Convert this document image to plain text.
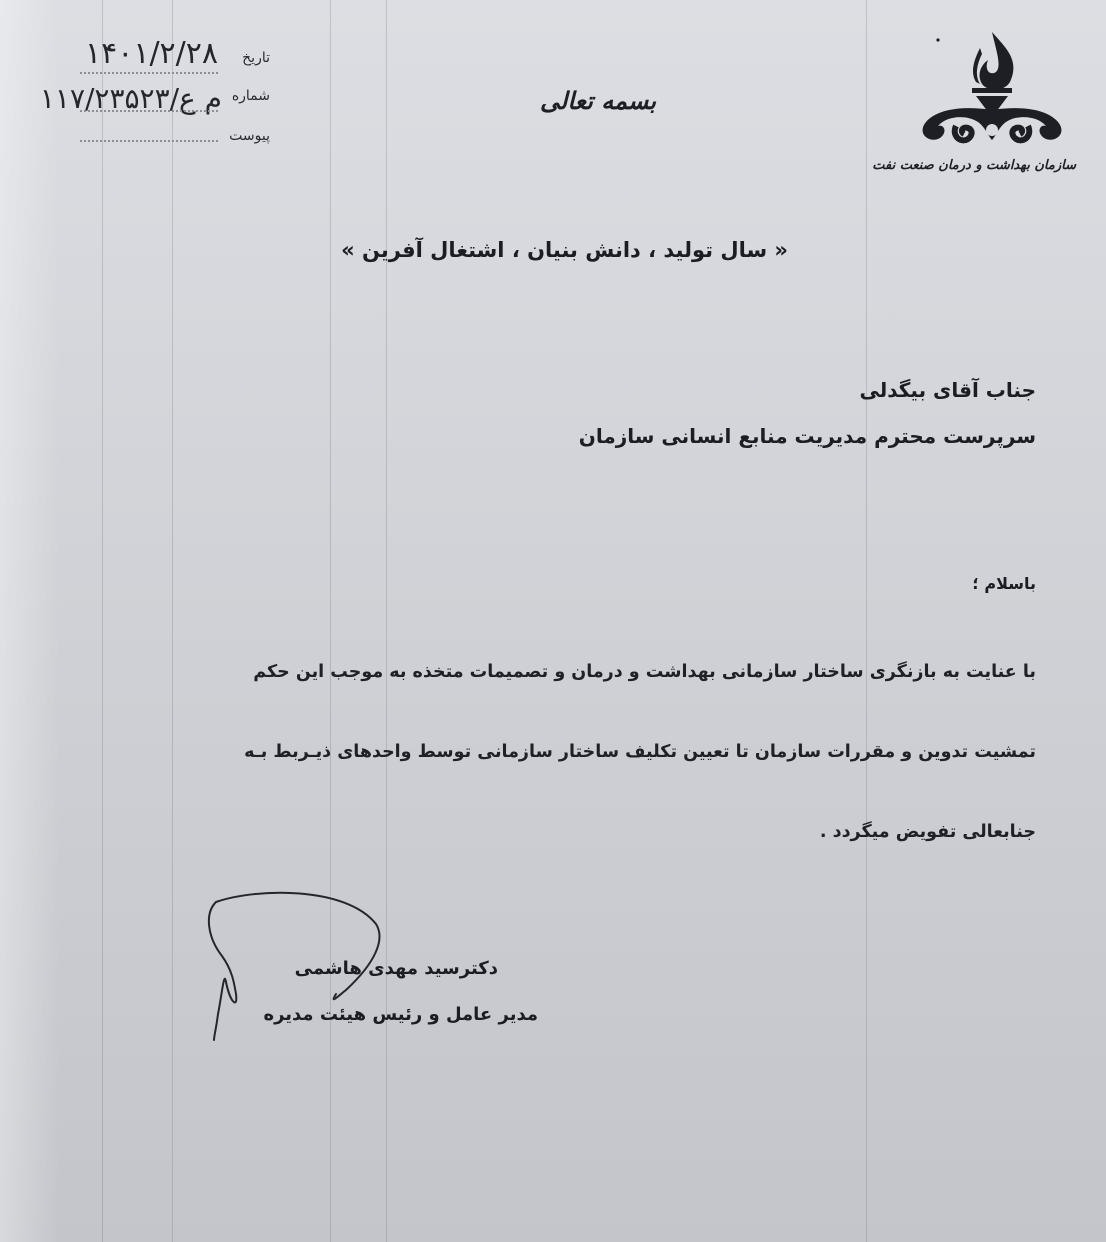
سازمان بهداشت و درمان صنعت نفت
بسمه تعالی
تاریخ
۱۴۰۱/۲/۲۸
شماره
م ع/۱۱۷/۲۳۵۲۳
پیوست
« سال تولید ، دانش بنیان ، اشتغال آفرین »
جناب آقای بیگدلی
سرپرست محترم مدیریت منابع انسانی سازمان
باسلام ؛
با عنایت به بازنگری ساختار سازمانی بهداشت و درمان و تصمیمات متخذه به موجب این حکم
تمشیت تدوین و مقررات سازمان تا تعیین تکلیف ساختار سازمانی توسط واحدهای ذیـربط بـه
جنابعالی تفویض میگردد .
دکترسید مهدی هاشمی
مدیر عامل و رئیس هیئت مدیره
